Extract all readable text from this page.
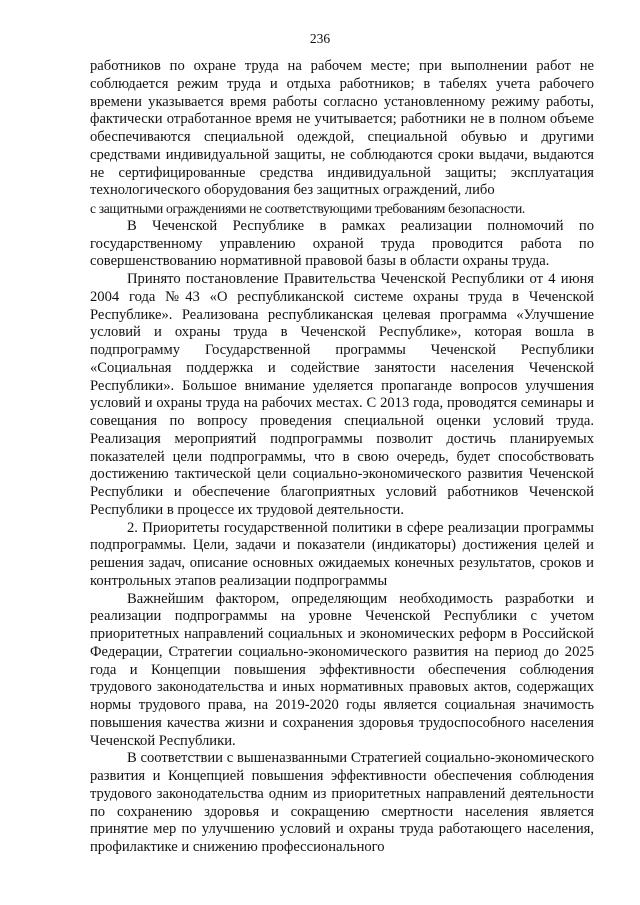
236

работников по охране труда на рабочем месте; при выполнении работ не соблюдается режим труда и отдыха работников; в табелях учета рабочего времени указывается время работы согласно установленному режиму работы, фактически отработанное время не учитывается; работники не в полном объеме обеспечиваются специальной одеждой, специальной обувью и другими средствами индивидуальной защиты, не соблюдаются сроки выдачи, выдаются не сертифицированные средства индивидуальной защиты; эксплуатация технологического оборудования без защитных ограждений, либо

с защитными ограждениями не соответствующими требованиям безопасности.

В Чеченской Республике в рамках реализации полномочий по государственному управлению охраной труда проводится работа по совершенствованию нормативной правовой базы в области охраны труда.

Принято постановление Правительства Чеченской Республики от 4 июня 2004 года №43 «О республиканской системе охраны труда в Чеченской Республике». Реализована республиканская целевая программа «Улучшение условий и охраны труда в Чеченской Республике», которая вошла в подпрограмму Государственной программы Чеченской Республики «Социальная поддержка и содействие занятости населения Чеченской Республики». Большое внимание уделяется пропаганде вопросов улучшения условий и охраны труда на рабочих местах. С 2013 года, проводятся семинары и совещания по вопросу проведения специальной оценки условий труда. Реализация мероприятий подпрограммы позволит достичь планируемых показателей цели подпрограммы, что в свою очередь, будет способствовать достижению тактической цели социально-экономического развития Чеченской Республики и обеспечение благоприятных условий работников Чеченской Республики в процессе их трудовой деятельности.

2. Приоритеты государственной политики в сфере реализации программы подпрограммы. Цели, задачи и показатели (индикаторы) достижения целей и решения задач, описание основных ожидаемых конечных результатов, сроков и контрольных этапов реализации подпрограммы

Важнейшим фактором, определяющим необходимость разработки и реализации подпрограммы на уровне Чеченской Республики с учетом приоритетных направлений социальных и экономических реформ в Российской Федерации, Стратегии социально-экономического развития на период до 2025 года и Концепции повышения эффективности обеспечения соблюдения трудового законодательства и иных нормативных правовых актов, содержащих нормы трудового права, на 2019-2020 годы является социальная значимость повышения качества жизни и сохранения здоровья трудоспособного населения Чеченской Республики.

В соответствии с вышеназванными Стратегией социально-экономического развития и Концепцией повышения эффективности обеспечения соблюдения трудового законодательства одним из приоритетных направлений деятельности по сохранению здоровья и сокращению смертности населения является принятие мер по улучшению условий и охраны труда работающего населения, профилактике и снижению профессионального
